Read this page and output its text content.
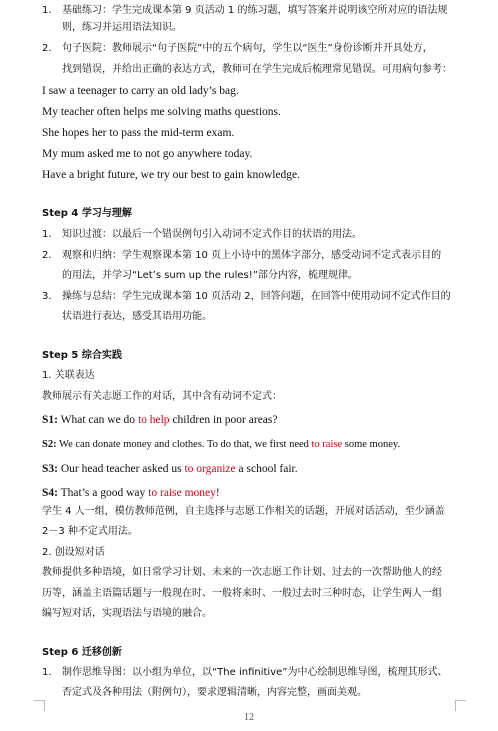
1. 基础练习：学生完成课本第 9 页活动 1 的练习题，填写答案并说明该空所对应的语法规
则，练习并运用语法知识。
2. 句子医院：教师展示“句子医院”中的五个病句，学生以“医生”身份诊断并开具处方，
找到错误，并给出正确的表达方式，教师可在学生完成后梳理常见错误。可用病句参考：
I saw a teenager to carry an old lady’s bag.
My teacher often helps me solving maths questions.
She hopes her to pass the mid-term exam.
My mum asked me to not go anywhere today.
Have a bright future, we try our best to gain knowledge.
Step 4 学习与理解
1. 知识过渡：以最后一个错误例句引入动词不定式作目的状语的用法。
2. 观察和归纳：学生观察课本第 10 页上小诗中的黑体字部分，感受动词不定式表示目的
的用法，并学习“Let’s sum up the rules!”部分内容，梳理规律。
3. 操练与总结：学生完成课本第 10 页活动 2，回答问题，在回答中使用动词不定式作目的
状语进行表达，感受其语用功能。
Step 5 综合实践
1. 关联表达
教师展示有关志愿工作的对话，其中含有动词不定式：
S1: What can we do to help children in poor areas?
S2: We can donate money and clothes. To do that, we first need to raise some money.
S3: Our head teacher asked us to organize a school fair.
S4: That’s a good way to raise money!
学生 4 人一组，模仿教师范例，自主选择与志愿工作相关的话题，开展对话活动，至少涵盖
2－3 种不定式用法。
2. 创设短对话
教师提供多种语境，如日常学习计划、未来的一次志愿工作计划、过去的一次帮助他人的经
历等，涵盖主语篇话题与一般现在时、一般将来时、一般过去时三种时态，让学生两人一组
编写短对话，实现语法与语境的融合。
Step 6 迁移创新
1. 制作思维导图：以小组为单位，以“The infinitive”为中心绘制思维导图，梳理其形式、
否定式及各种用法（附例句），要求逻辑清晰，内容完整，画面美观。
12
